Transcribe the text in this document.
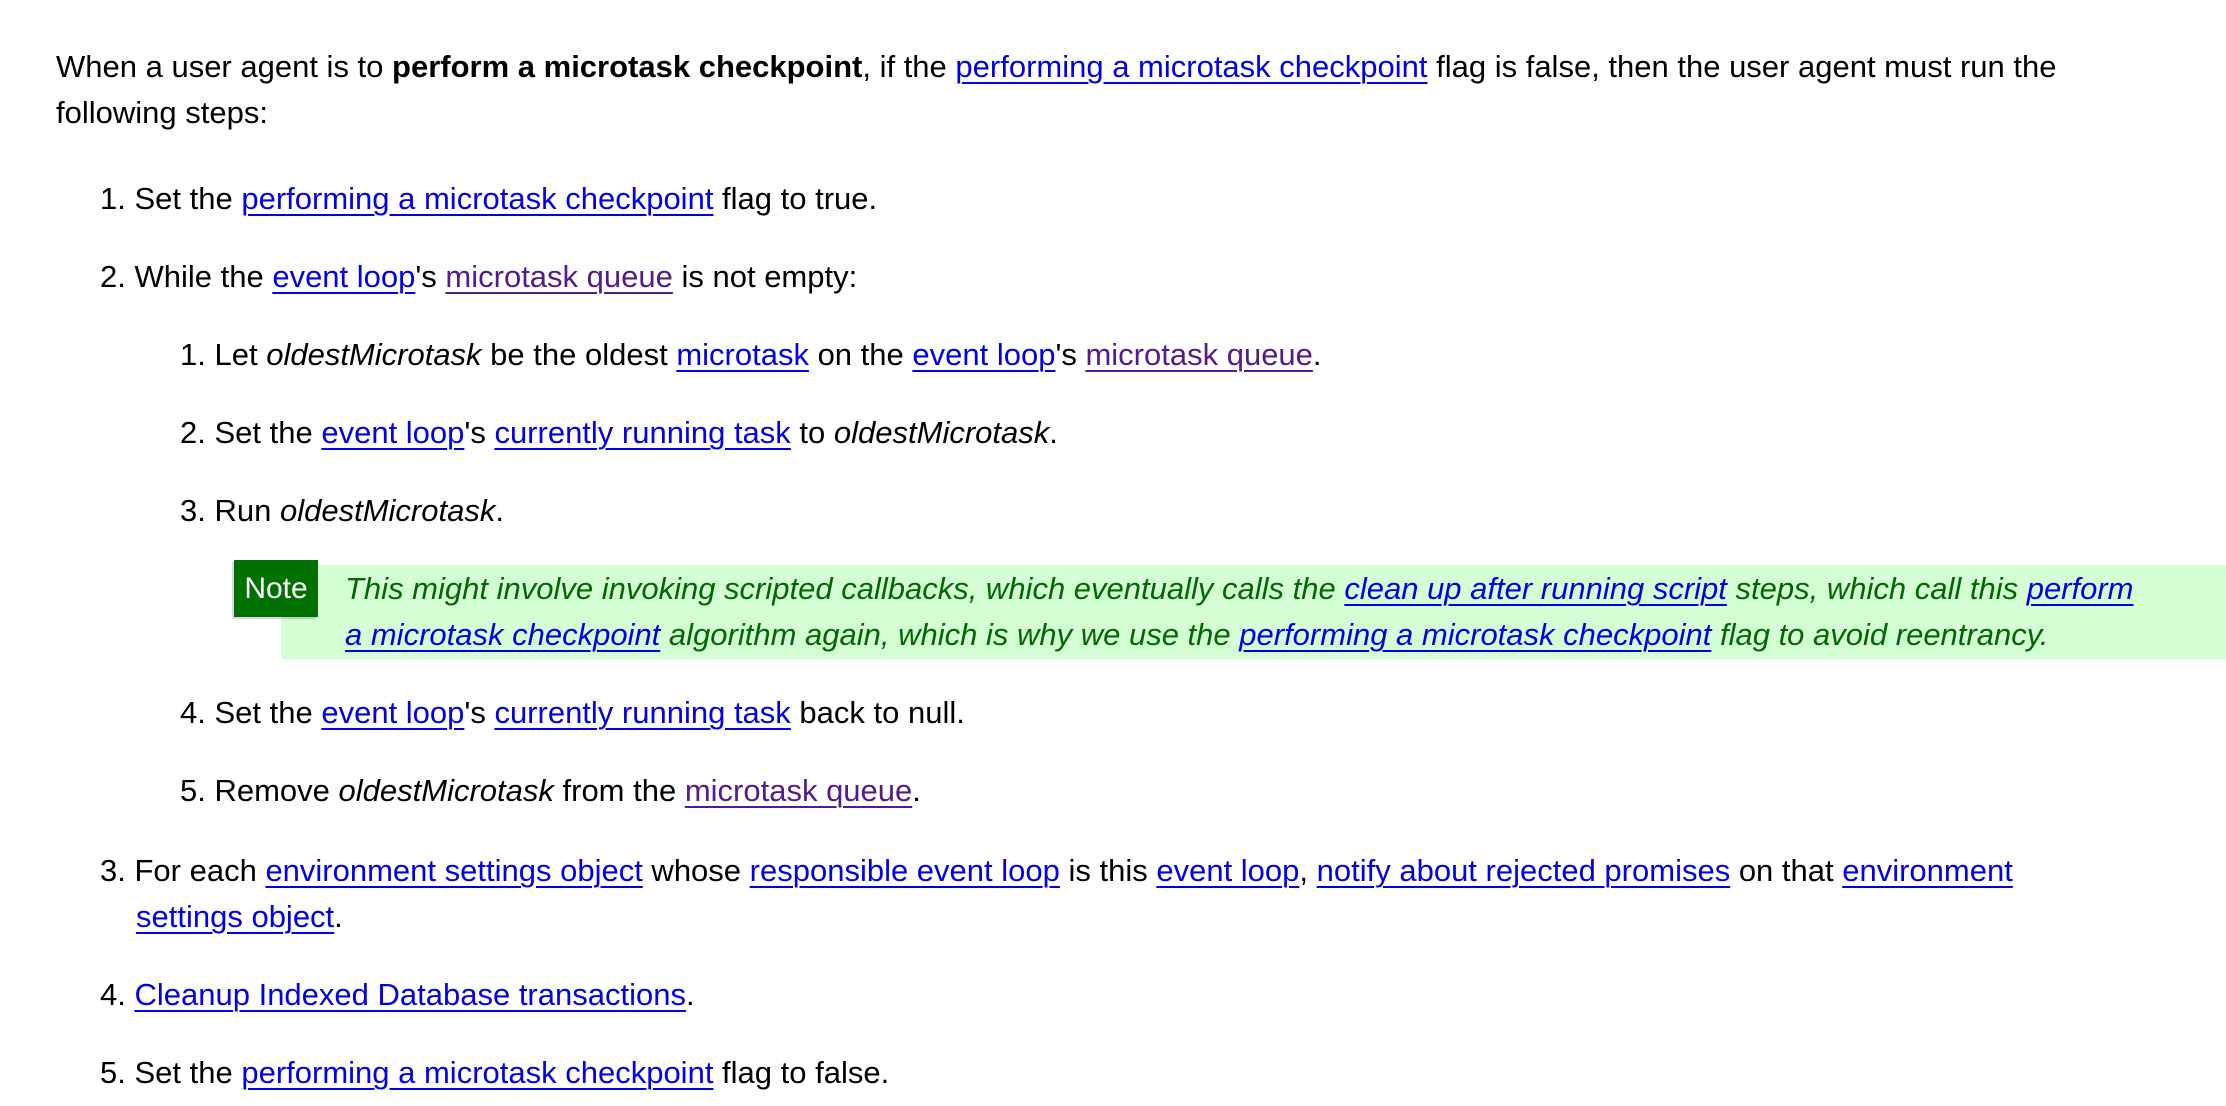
When a user agent is to perform a microtask checkpoint, if the performing a microtask checkpoint flag is false, then the user agent must run the
following steps:
1. Set the performing a microtask checkpoint flag to true.
2. While the event loop's microtask queue is not empty:
1. Let oldestMicrotask be the oldest microtask on the event loop's microtask queue.
2. Set the event loop's currently running task to oldestMicrotask.
3. Run oldestMicrotask.
Note	This might involve invoking scripted callbacks, which eventually calls the clean up after running script steps, which call this perform
a microtask checkpoint algorithm again, which is why we use the performing a microtask checkpoint flag to avoid reentrancy.
4. Set the event loop's currently running task back to null.
5. Remove oldestMicrotask from the microtask queue.
3. For each environment settings object whose responsible event loop is this event loop, notify about rejected promises on that environment
settings object.
4. Cleanup Indexed Database transactions.
5. Set the performing a microtask checkpoint flag to false.
